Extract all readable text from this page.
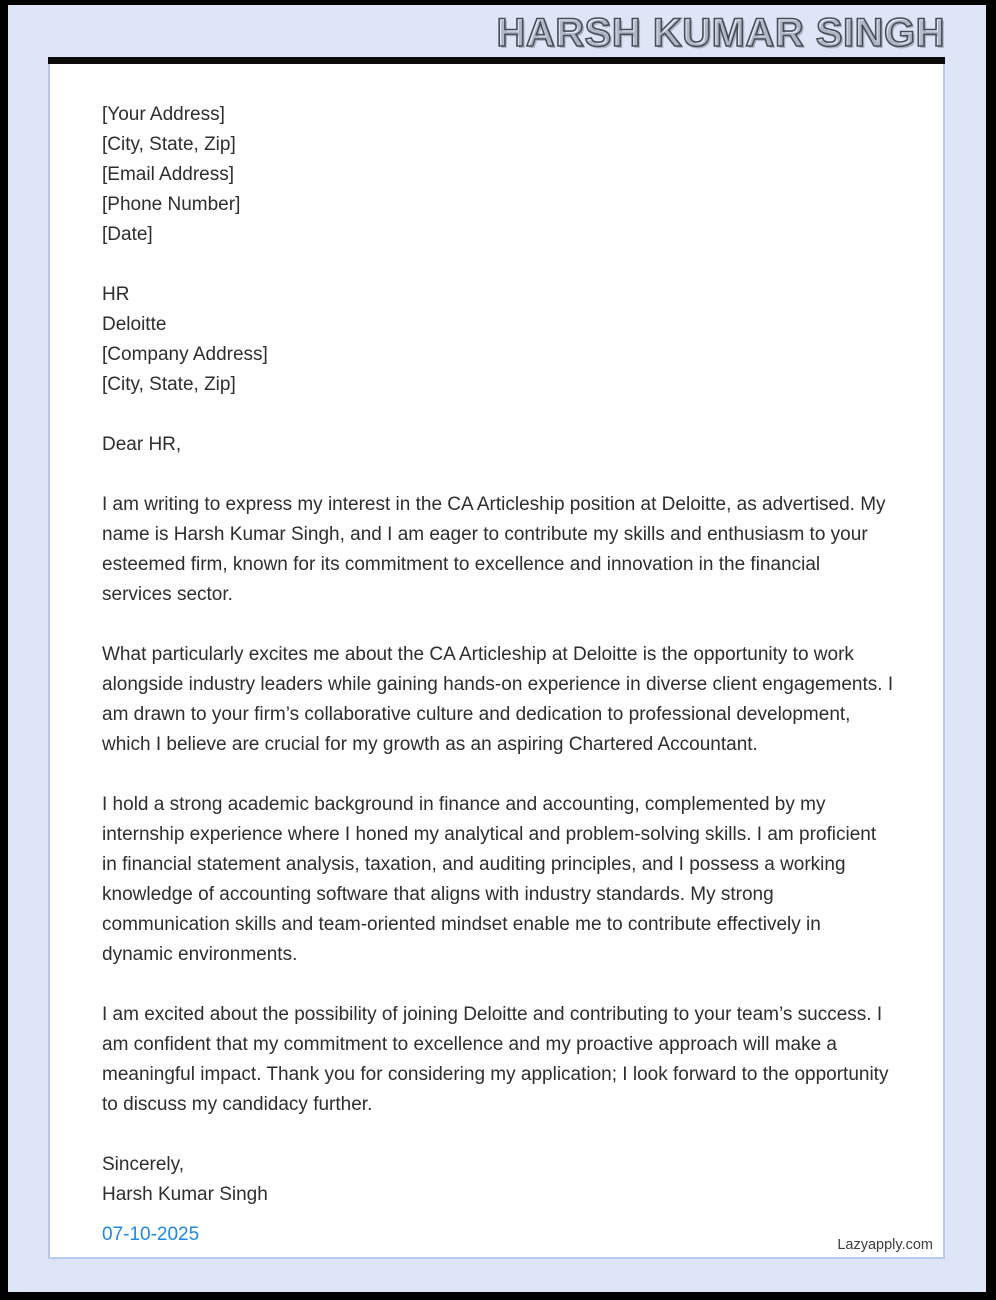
HARSH KUMAR SINGH
[Your Address]
[City, State, Zip]
[Email Address]
[Phone Number]
[Date]
HR
Deloitte
[Company Address]
[City, State, Zip]
Dear HR,
I am writing to express my interest in the CA Articleship position at Deloitte, as advertised. My name is Harsh Kumar Singh, and I am eager to contribute my skills and enthusiasm to your esteemed firm, known for its commitment to excellence and innovation in the financial services sector.
What particularly excites me about the CA Articleship at Deloitte is the opportunity to work alongside industry leaders while gaining hands-on experience in diverse client engagements. I am drawn to your firm’s collaborative culture and dedication to professional development, which I believe are crucial for my growth as an aspiring Chartered Accountant.
I hold a strong academic background in finance and accounting, complemented by my internship experience where I honed my analytical and problem-solving skills. I am proficient in financial statement analysis, taxation, and auditing principles, and I possess a working knowledge of accounting software that aligns with industry standards. My strong communication skills and team-oriented mindset enable me to contribute effectively in dynamic environments.
I am excited about the possibility of joining Deloitte and contributing to your team’s success. I am confident that my commitment to excellence and my proactive approach will make a meaningful impact. Thank you for considering my application; I look forward to the opportunity to discuss my candidacy further.
Sincerely,
Harsh Kumar Singh
07-10-2025	Lazyapply.com
